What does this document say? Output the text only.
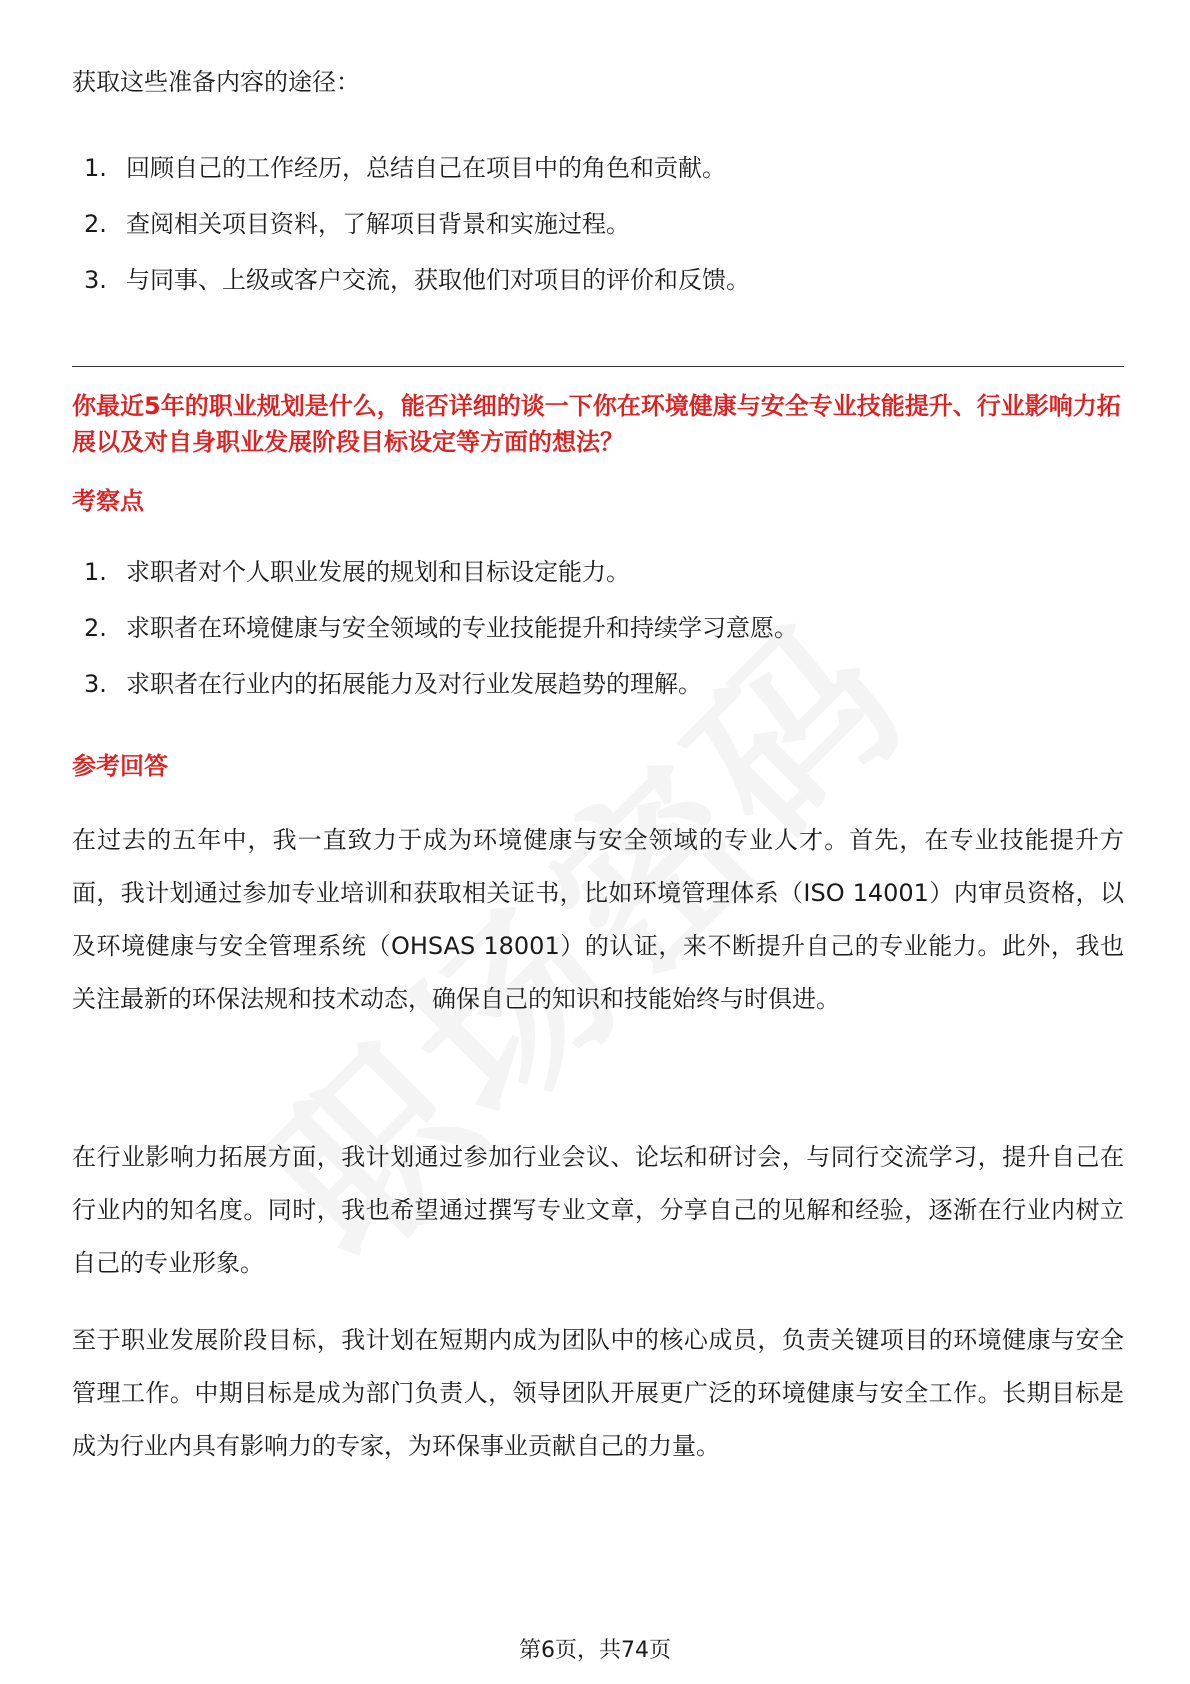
获取这些准备内容的途径：
1. 回顾自己的工作经历，总结自己在项目中的角色和贡献。
2. 查阅相关项目资料，了解项目背景和实施过程。
3. 与同事、上级或客户交流，获取他们对项目的评价和反馈。
你最近5年的职业规划是什么，能否详细的谈一下你在环境健康与安全专业技能提升、行业影响力拓展以及对自身职业发展阶段目标设定等方面的想法？
考察点
1. 求职者对个人职业发展的规划和目标设定能力。
2. 求职者在环境健康与安全领域的专业技能提升和持续学习意愿。
3. 求职者在行业内的拓展能力及对行业发展趋势的理解。
参考回答

在过去的五年中，我一直致力于成为环境健康与安全领域的专业人才。首先，在专业技能提升方面，我计划通过参加专业培训和获取相关证书，比如环境管理体系（ISO 14001）内审员资格，以及环境健康与安全管理系统（OHSAS 18001）的认证，来不断提升自己的专业能力。此外，我也关注最新的环保法规和技术动态，确保自己的知识和技能始终与时俱进。

在行业影响力拓展方面，我计划通过参加行业会议、论坛和研讨会，与同行交流学习，提升自己在行业内的知名度。同时，我也希望通过撰写专业文章，分享自己的见解和经验，逐渐在行业内树立自己的专业形象。

至于职业发展阶段目标，我计划在短期内成为团队中的核心成员，负责关键项目的环境健康与安全管理工作。中期目标是成为部门负责人，领导团队开展更广泛的环境健康与安全工作。长期目标是成为行业内具有影响力的专家，为环保事业贡献自己的力量。

第6页，共74页
